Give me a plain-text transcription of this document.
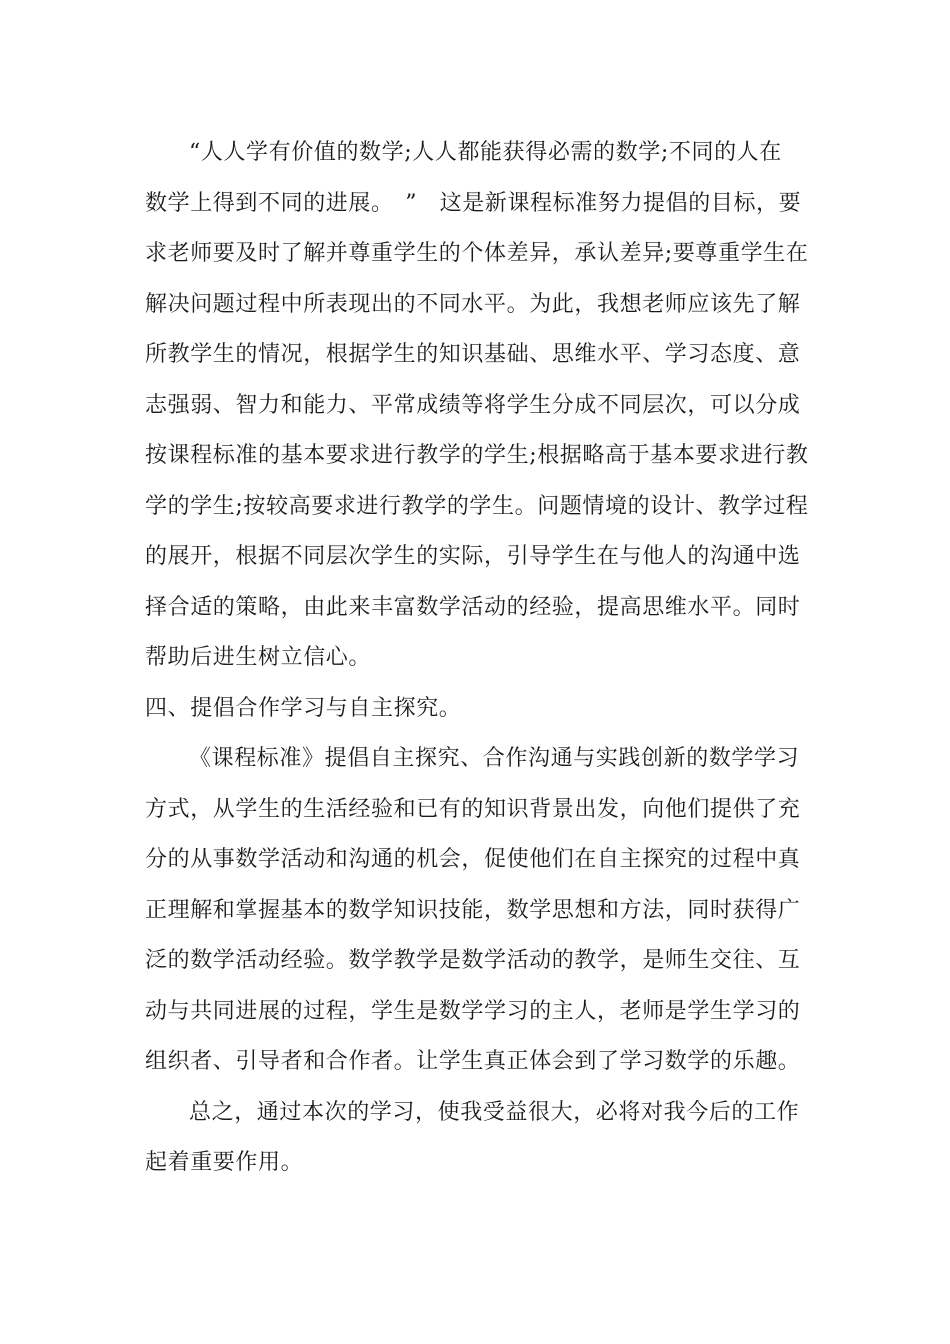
“人人学有价值的数学;人人都能获得必需的数学;不同的人在
数学上得到不同的进展。　”　这是新课程标准努力提倡的目标，要
求老师要及时了解并尊重学生的个体差异，承认差异;要尊重学生在
解决问题过程中所表现出的不同水平。为此，我想老师应该先了解
所教学生的情况，根据学生的知识基础、思维水平、学习态度、意
志强弱、智力和能力、平常成绩等将学生分成不同层次，可以分成
按课程标准的基本要求进行教学的学生;根据略高于基本要求进行教
学的学生;按较高要求进行教学的学生。问题情境的设计、教学过程
的展开，根据不同层次学生的实际，引导学生在与他人的沟通中选
择合适的策略，由此来丰富数学活动的经验，提高思维水平。同时
帮助后进生树立信心。
四、提倡合作学习与自主探究。
《课程标准》提倡自主探究、合作沟通与实践创新的数学学习
方式，从学生的生活经验和已有的知识背景出发，向他们提供了充
分的从事数学活动和沟通的机会，促使他们在自主探究的过程中真
正理解和掌握基本的数学知识技能，数学思想和方法，同时获得广
泛的数学活动经验。数学教学是数学活动的教学，是师生交往、互
动与共同进展的过程，学生是数学学习的主人，老师是学生学习的
组织者、引导者和合作者。让学生真正体会到了学习数学的乐趣。
总之，通过本次的学习，使我受益很大，必将对我今后的工作
起着重要作用。
